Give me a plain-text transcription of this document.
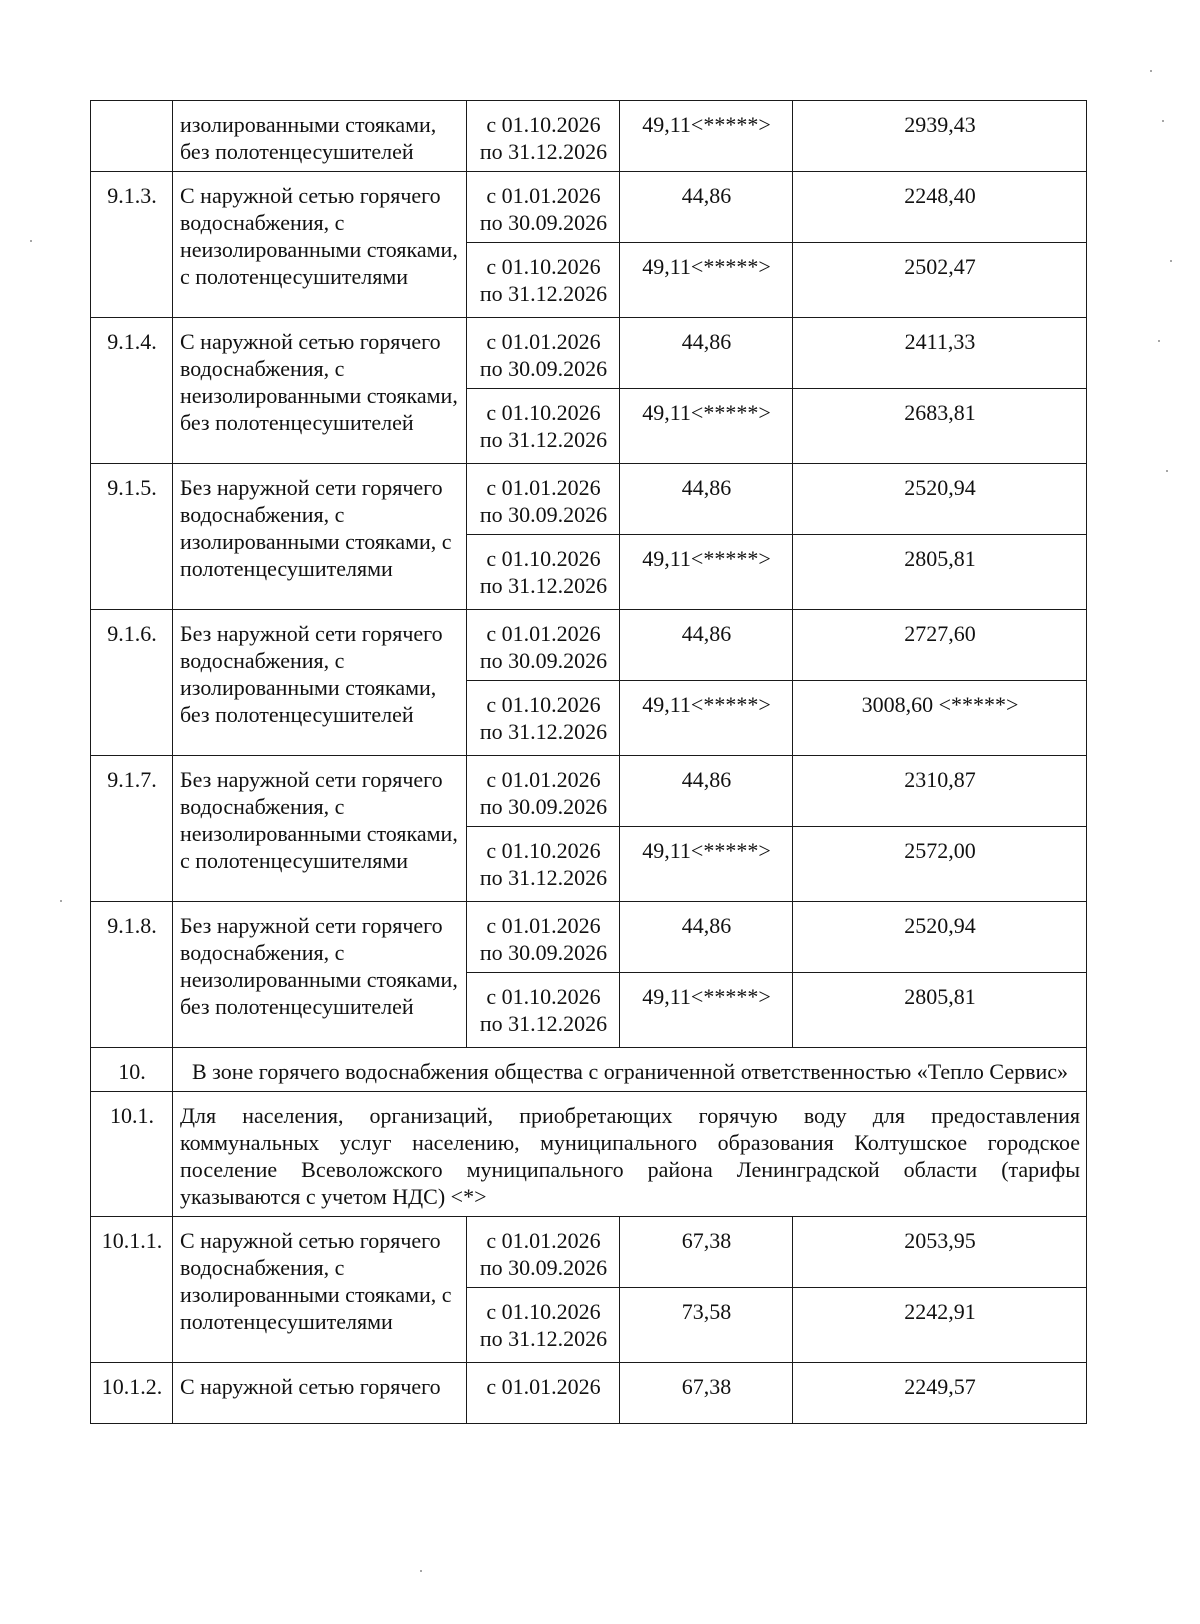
	изолированными стояками, без полотенцесушителей	с 01.10.2026 по 31.12.2026	49,11<*****>	2939,43
9.1.3.	С наружной сетью горячего водоснабжения, с неизолированными стояками, с полотенцесушителями	с 01.01.2026 по 30.09.2026	44,86	2248,40
		с 01.10.2026 по 31.12.2026	49,11<*****>	2502,47
9.1.4.	С наружной сетью горячего водоснабжения, с неизолированными стояками, без полотенцесушителей	с 01.01.2026 по 30.09.2026	44,86	2411,33
		с 01.10.2026 по 31.12.2026	49,11<*****>	2683,81
9.1.5.	Без наружной сети горячего водоснабжения, с изолированными стояками, с полотенцесушителями	с 01.01.2026 по 30.09.2026	44,86	2520,94
		с 01.10.2026 по 31.12.2026	49,11<*****>	2805,81
9.1.6.	Без наружной сети горячего водоснабжения, с изолированными стояками, без полотенцесушителей	с 01.01.2026 по 30.09.2026	44,86	2727,60
		с 01.10.2026 по 31.12.2026	49,11<*****>	3008,60 <*****>
9.1.7.	Без наружной сети горячего водоснабжения, с неизолированными стояками, с полотенцесушителями	с 01.01.2026 по 30.09.2026	44,86	2310,87
		с 01.10.2026 по 31.12.2026	49,11<*****>	2572,00
9.1.8.	Без наружной сети горячего водоснабжения, с неизолированными стояками, без полотенцесушителей	с 01.01.2026 по 30.09.2026	44,86	2520,94
		с 01.10.2026 по 31.12.2026	49,11<*****>	2805,81
10.	В зоне горячего водоснабжения общества с ограниченной ответственностью «Тепло Сервис»			
10.1.	Для населения, организаций, приобретающих горячую воду для предоставления коммунальных услуг населению, муниципального образования Колтушское городское поселение Всеволожского муниципального района Ленинградской области (тарифы указываются с учетом НДС) <*>			
10.1.1.	С наружной сетью горячего водоснабжения, с изолированными стояками, с полотенцесушителями	с 01.01.2026 по 30.09.2026	67,38	2053,95
		с 01.10.2026 по 31.12.2026	73,58	2242,91
10.1.2.	С наружной сетью горячего	с 01.01.2026	67,38	2249,57
